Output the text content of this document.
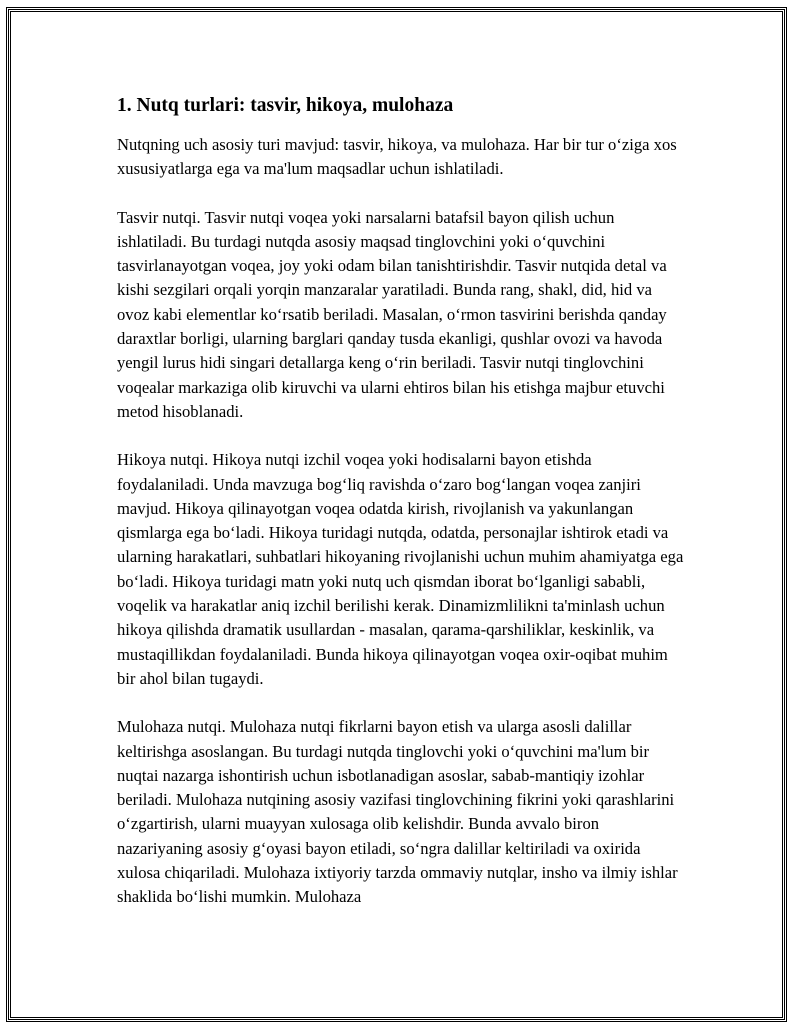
1. Nutq turlari: tasvir, hikoya, mulohaza

Nutqning uch asosiy turi mavjud: tasvir, hikoya, va mulohaza. Har bir tur o‘ziga xos xususiyatlarga ega va ma'lum maqsadlar uchun ishlatiladi.

Tasvir nutqi. Tasvir nutqi voqea yoki narsalarni batafsil bayon qilish uchun ishlatiladi. Bu turdagi nutqda asosiy maqsad tinglovchini yoki o‘quvchini tasvirlanayotgan voqea, joy yoki odam bilan tanishtirishdir. Tasvir nutqida detal va kishi sezgilari orqali yorqin manzaralar yaratiladi. Bunda rang, shakl, did, hid va ovoz kabi elementlar ko‘rsatib beriladi. Masalan, o‘rmon tasvirini berishda qanday daraxtlar borligi, ularning barglari qanday tusda ekanligi, qushlar ovozi va havoda yengil lurus hidi singari detallarga keng o‘rin beriladi. Tasvir nutqi tinglovchini voqealar markaziga olib kiruvchi va ularni ehtiros bilan his etishga majbur etuvchi metod hisoblanadi.

Hikoya nutqi. Hikoya nutqi izchil voqea yoki hodisalarni bayon etishda foydalaniladi. Unda mavzuga bog‘liq ravishda o‘zaro bog‘langan voqea zanjiri mavjud. Hikoya qilinayotgan voqea odatda kirish, rivojlanish va yakunlangan qismlarga ega bo‘ladi. Hikoya turidagi nutqda, odatda, personajlar ishtirok etadi va ularning harakatlari, suhbatlari hikoyaning rivojlanishi uchun muhim ahamiyatga ega bo‘ladi. Hikoya turidagi matn yoki nutq uch qismdan iborat bo‘lganligi sababli, voqelik va harakatlar aniq izchil berilishi kerak. Dinamizmlilikni ta'minlash uchun hikoya qilishda dramatik usullardan - masalan, qarama-qarshiliklar, keskinlik, va mustaqillikdan foydalaniladi. Bunda hikoya qilinayotgan voqea oxir-oqibat muhim bir ahol bilan tugaydi.

Mulohaza nutqi. Mulohaza nutqi fikrlarni bayon etish va ularga asosli dalillar keltirishga asoslangan. Bu turdagi nutqda tinglovchi yoki o‘quvchini ma'lum bir nuqtai nazarga ishontirish uchun isbotlanadigan asoslar, sabab-mantiqiy izohlar beriladi. Mulohaza nutqining asosiy vazifasi tinglovchining fikrini yoki qarashlarini o‘zgartirish, ularni muayyan xulosaga olib kelishdir. Bunda avvalo biron nazariyaning asosiy g‘oyasi bayon etiladi, so‘ngra dalillar keltiriladi va oxirida xulosa chiqariladi. Mulohaza ixtiyoriy tarzda ommaviy nutqlar, insho va ilmiy ishlar shaklida bo‘lishi mumkin. Mulohaza
